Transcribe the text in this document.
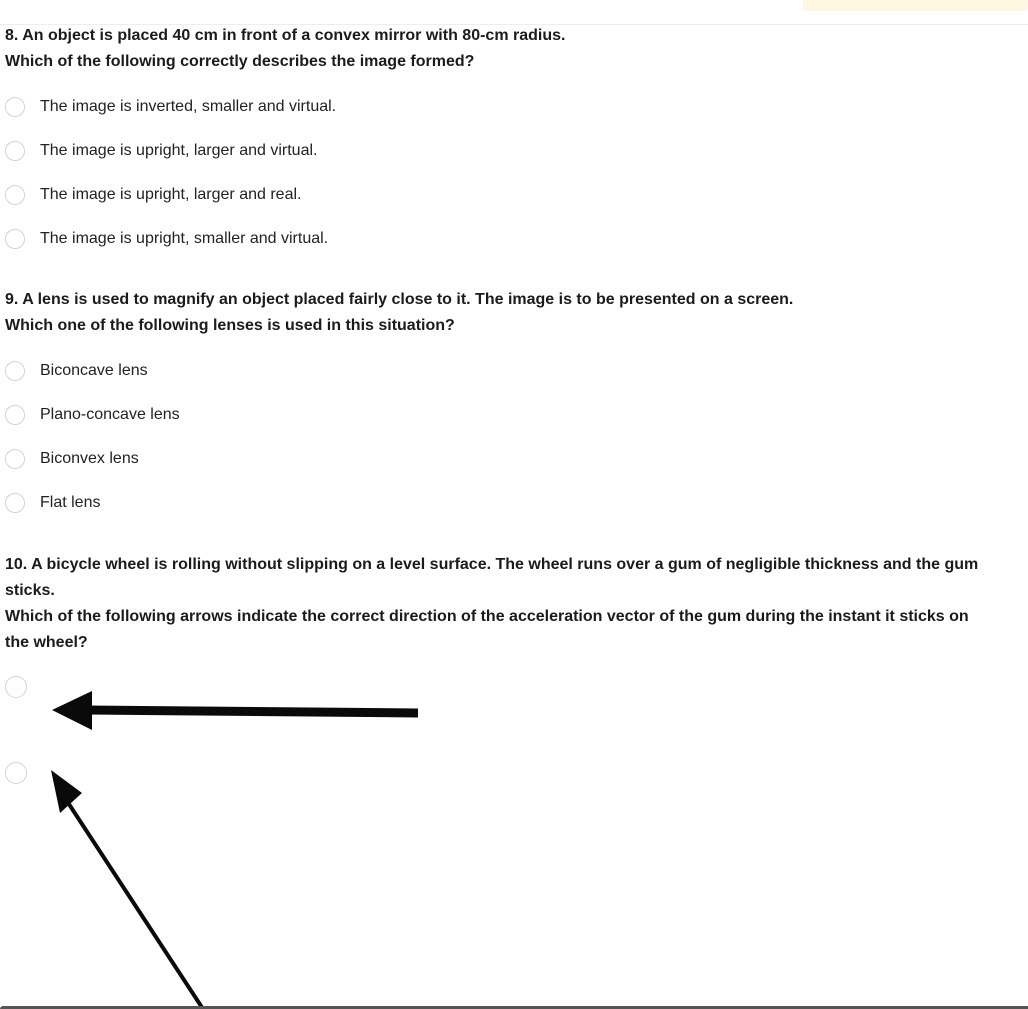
8. An object is placed 40 cm in front of a convex mirror with 80-cm radius.
Which of the following correctly describes the image formed?
The image is inverted, smaller and virtual.
The image is upright, larger and virtual.
The image is upright, larger and real.
The image is upright, smaller and virtual.
9. A lens is used to magnify an object placed fairly close to it. The image is to be presented on a screen.
Which one of the following lenses is used in this situation?
Biconcave lens
Plano-concave lens
Biconvex lens
Flat lens
10. A bicycle wheel is rolling without slipping on a level surface. The wheel runs over a gum of negligible thickness and the gum
sticks.
Which of the following arrows indicate the correct direction of the acceleration vector of the gum during the instant it sticks on
the wheel?
